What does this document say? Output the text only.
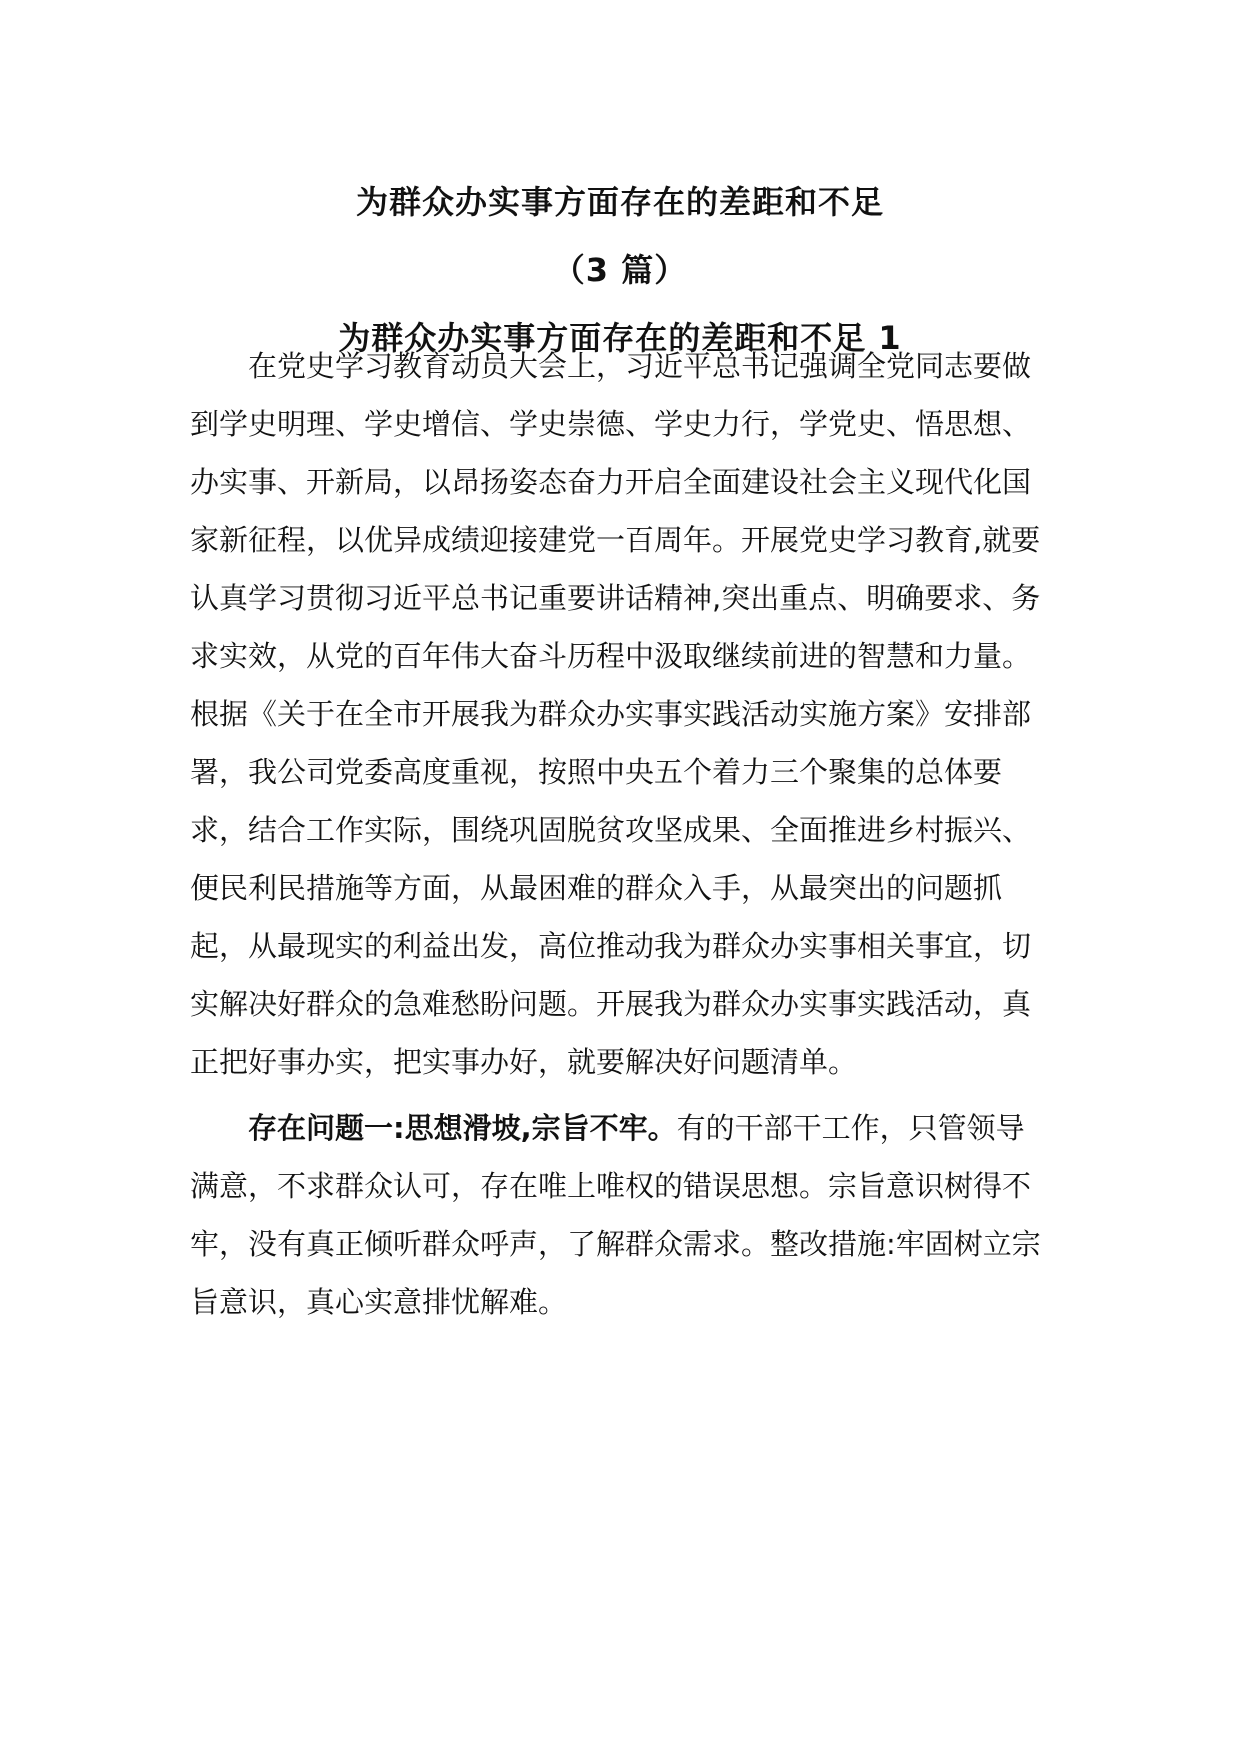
为群众办实事方面存在的差距和不足
（3 篇）
为群众办实事方面存在的差距和不足 1
在党史学习教育动员大会上，习近平总书记强调全党同志要做
到学史明理、学史增信、学史崇德、学史力行，学党史、悟思想、
办实事、开新局，以昂扬姿态奋力开启全面建设社会主义现代化国
家新征程，以优异成绩迎接建党一百周年。开展党史学习教育,就要
认真学习贯彻习近平总书记重要讲话精神,突出重点、明确要求、务
求实效，从党的百年伟大奋斗历程中汲取继续前进的智慧和力量。
根据《关于在全市开展我为群众办实事实践活动实施方案》安排部
署，我公司党委高度重视，按照中央五个着力三个聚集的总体要
求，结合工作实际，围绕巩固脱贫攻坚成果、全面推进乡村振兴、
便民利民措施等方面，从最困难的群众入手，从最突出的问题抓
起，从最现实的利益出发，高位推动我为群众办实事相关事宜，切
实解决好群众的急难愁盼问题。开展我为群众办实事实践活动，真
正把好事办实，把实事办好，就要解决好问题清单。
存在问题一:思想滑坡,宗旨不牢。有的干部干工作，只管领导
满意，不求群众认可，存在唯上唯权的错误思想。宗旨意识树得不
牢，没有真正倾听群众呼声，了解群众需求。整改措施:牢固树立宗
旨意识，真心实意排忧解难。
